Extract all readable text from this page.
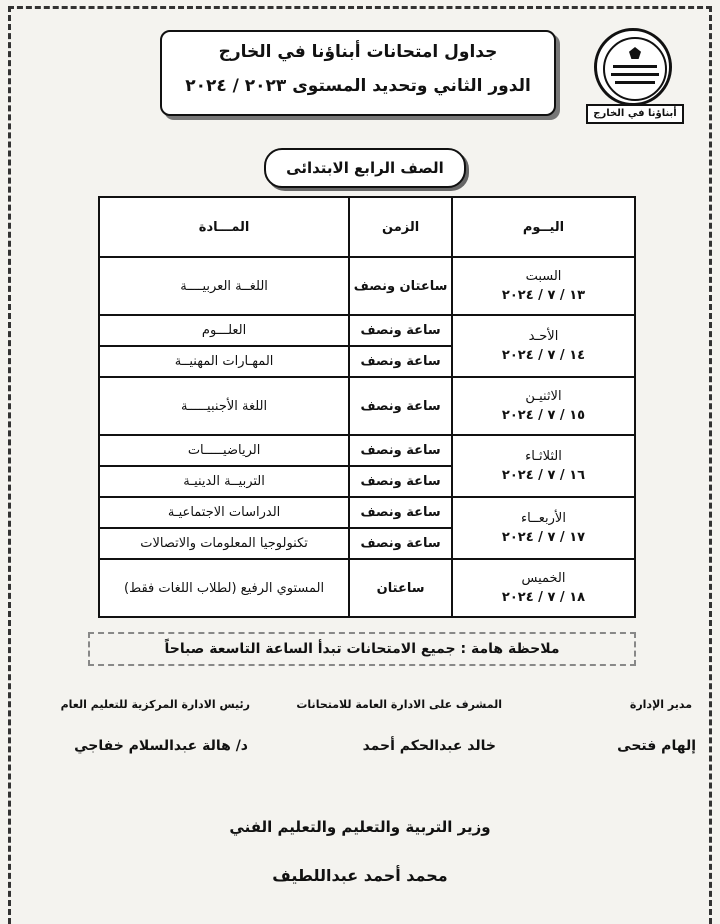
أبناؤنا في الخارج
جداول امتحانات أبناؤنا في الخارج
الدور الثاني وتحديد المستوى ٢٠٢٣ / ٢٠٢٤
الصف الرابع الابتدائى
اليــوم	الزمن	المـــادة

السبت
١٣ / ٧ / ٢٠٢٤	ساعتان ونصف	اللغــة العربيــــة

الأحـد
١٤ / ٧ / ٢٠٢٤	ساعة ونصف	العلـــوم
	ساعة ونصف	المهـارات المهنيــة

الاثنيـن
١٥ / ٧ / ٢٠٢٤	ساعة ونصف	اللغة الأجنبيـــــة

الثلاثـاء
١٦ / ٧ / ٢٠٢٤	ساعة ونصف	الرياضيـــــات
	ساعة ونصف	التربيــة الدينيـة

الأربعــاء
١٧ / ٧ / ٢٠٢٤	ساعة ونصف	الدراسات الاجتماعيـة
	ساعة ونصف	تكنولوجيا المعلومات والاتصالات

الخميس
١٨ / ٧ / ٢٠٢٤	ساعتان	المستوي الرفيع (لطلاب اللغات فقط)
ملاحظة هامة : جميع الامتحانات تبدأ الساعة التاسعة صباحاً
مدير الإدارة
المشرف على الادارة العامة للامتحانات
رئيس الادارة المركزية للتعليم العام
إلهام فتحى
خالد عبدالحكم أحمد
د/ هالة عبدالسلام خفاجي
وزير التربية والتعليم والتعليم الفني
محمد أحمد عبداللطيف
